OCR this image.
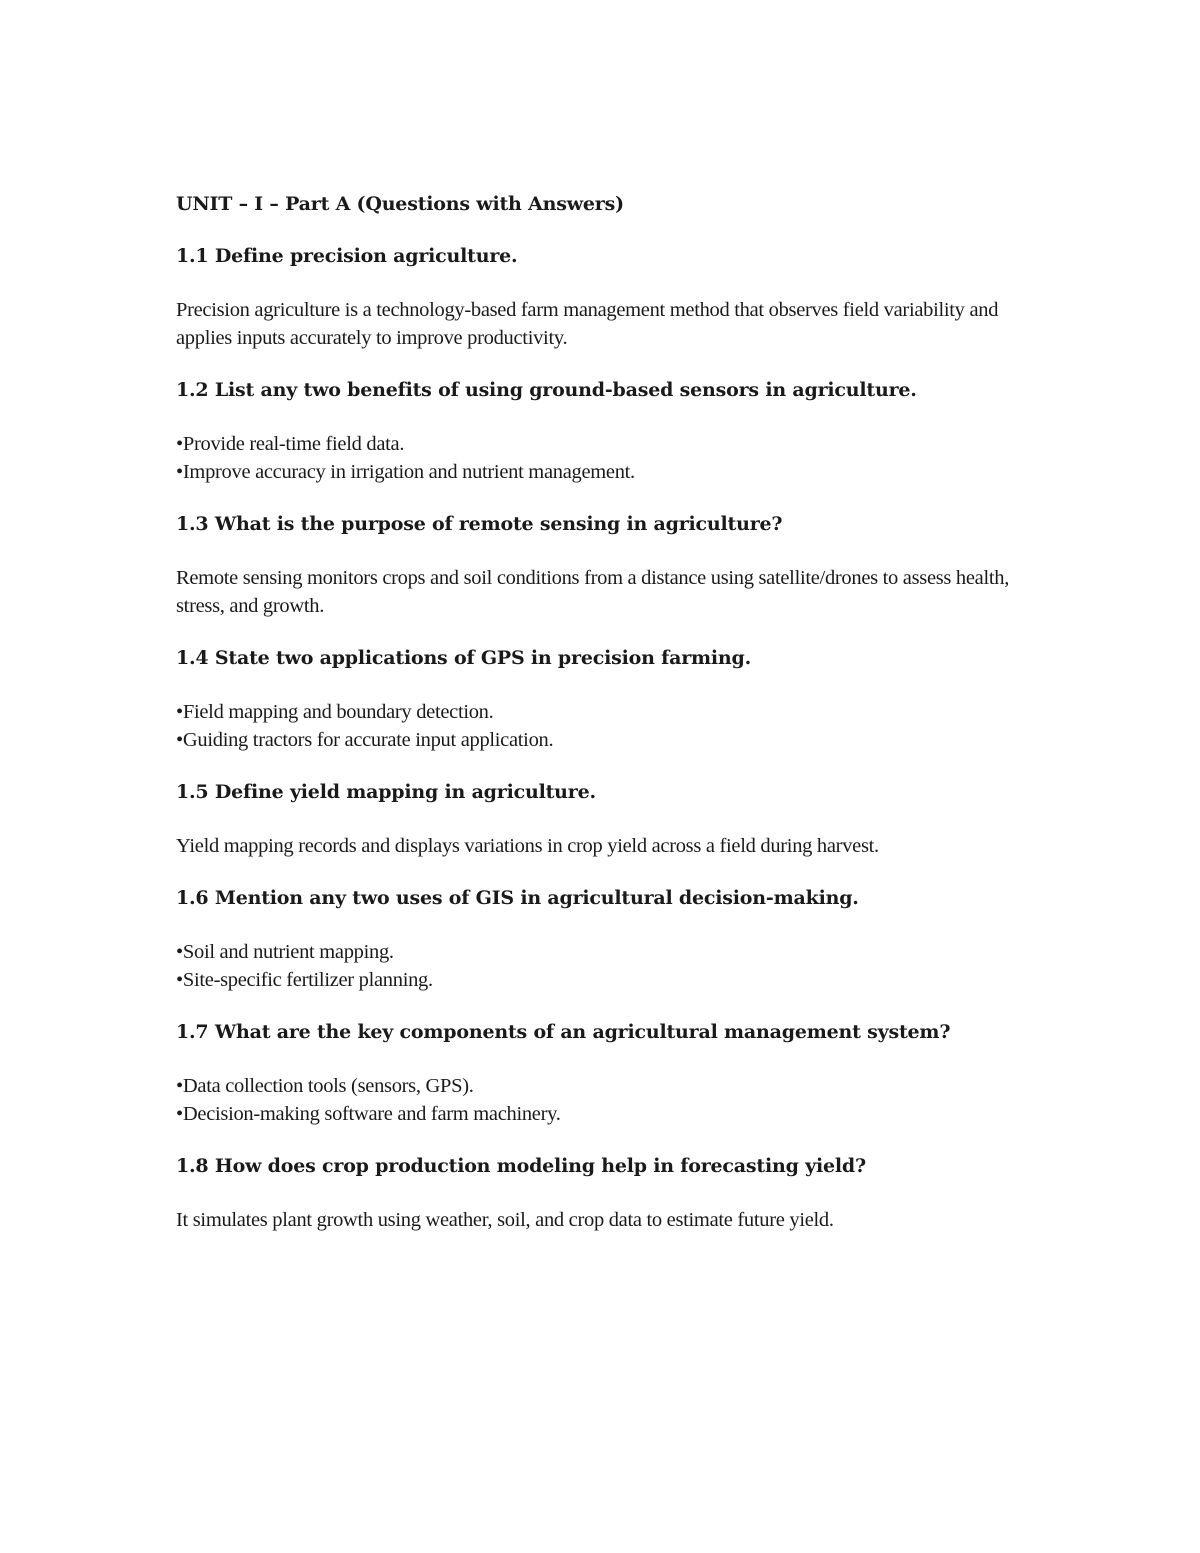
UNIT – I – Part A (Questions with Answers)
1.1 Define precision agriculture.
Precision agriculture is a technology-based farm management method that observes field variability and applies inputs accurately to improve productivity.
1.2 List any two benefits of using ground-based sensors in agriculture.
• Provide real-time field data.
• Improve accuracy in irrigation and nutrient management.
1.3 What is the purpose of remote sensing in agriculture?
Remote sensing monitors crops and soil conditions from a distance using satellite/drones to assess health, stress, and growth.
1.4 State two applications of GPS in precision farming.
• Field mapping and boundary detection.
• Guiding tractors for accurate input application.
1.5 Define yield mapping in agriculture.
Yield mapping records and displays variations in crop yield across a field during harvest.
1.6 Mention any two uses of GIS in agricultural decision-making.
• Soil and nutrient mapping.
• Site-specific fertilizer planning.
1.7 What are the key components of an agricultural management system?
• Data collection tools (sensors, GPS).
• Decision-making software and farm machinery.
1.8 How does crop production modeling help in forecasting yield?
It simulates plant growth using weather, soil, and crop data to estimate future yield.
